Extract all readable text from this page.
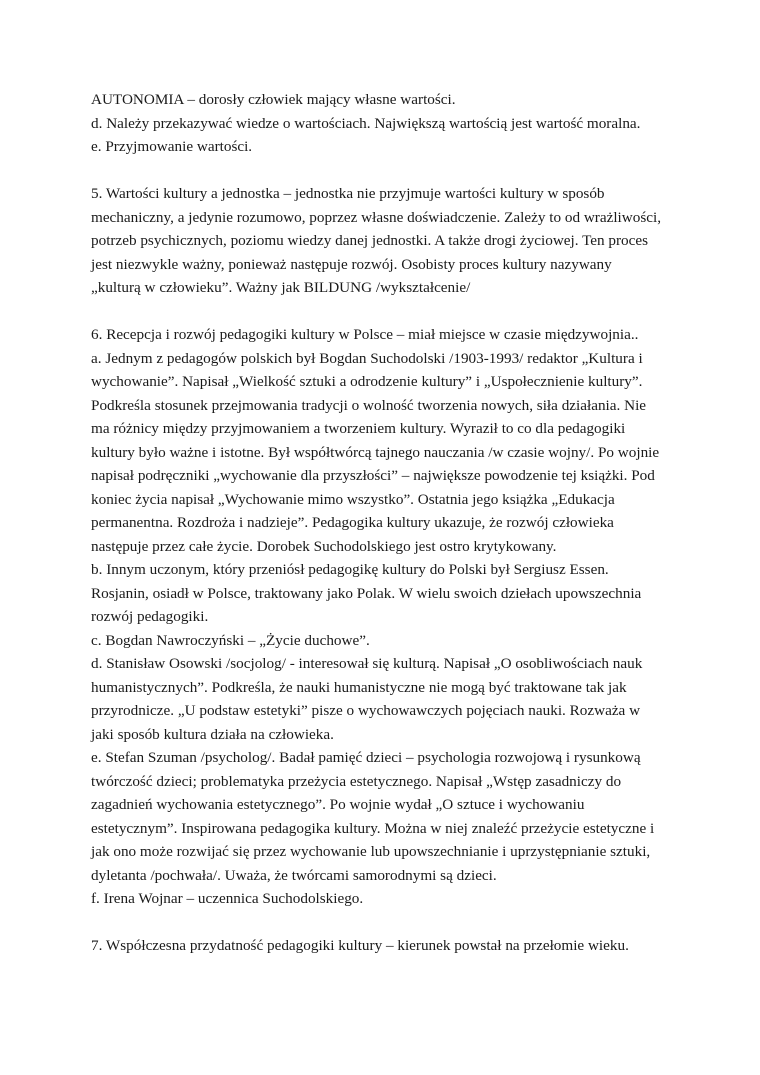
AUTONOMIA – dorosły człowiek mający własne wartości.
d. Należy przekazywać wiedze o wartościach. Największą wartością jest wartość moralna.
e. Przyjmowanie wartości.
5. Wartości kultury a jednostka – jednostka nie przyjmuje wartości kultury w sposób
mechaniczny, a jedynie rozumowo, poprzez własne doświadczenie. Zależy to od wrażliwości,
potrzeb psychicznych, poziomu wiedzy danej jednostki. A także drogi życiowej. Ten proces
jest niezwykle ważny, ponieważ następuje rozwój. Osobisty proces kultury nazywany
„kulturą w człowieku”. Ważny jak BILDUNG /wykształcenie/
6. Recepcja i rozwój pedagogiki kultury w Polsce – miał miejsce w czasie międzywojnia..
a. Jednym z pedagogów polskich był Bogdan Suchodolski /1903-1993/ redaktor „Kultura i
wychowanie”. Napisał „Wielkość sztuki a odrodzenie kultury” i „Uspołecznienie kultury”.
Podkreśla stosunek przejmowania tradycji o wolność tworzenia nowych, siła działania. Nie
ma różnicy między przyjmowaniem a tworzeniem kultury. Wyraził to co dla pedagogiki
kultury było ważne i istotne. Był współtwórcą tajnego nauczania /w czasie wojny/. Po wojnie
napisał podręczniki „wychowanie dla przyszłości” – największe powodzenie tej książki. Pod
koniec życia napisał „Wychowanie mimo wszystko”. Ostatnia jego książka „Edukacja
permanentna. Rozdroża i nadzieje”. Pedagogika kultury ukazuje, że rozwój człowieka
następuje przez całe życie. Dorobek Suchodolskiego jest ostro krytykowany.
b. Innym uczonym, który przeniósł pedagogikę kultury do Polski był Sergiusz Essen.
Rosjanin, osiadł w Polsce, traktowany jako Polak. W wielu swoich dziełach upowszechnia
rozwój pedagogiki.
c. Bogdan Nawroczyński – „Życie duchowe”.
d. Stanisław Osowski /socjolog/ - interesował się kulturą. Napisał „O osobliwościach nauk
humanistycznych”. Podkreśla, że nauki humanistyczne nie mogą być traktowane tak jak
przyrodnicze. „U podstaw estetyki” pisze o wychowawczych pojęciach nauki. Rozważa w
jaki sposób kultura działa na człowieka.
e. Stefan Szuman /psycholog/. Badał pamięć dzieci – psychologia rozwojową i rysunkową
twórczość dzieci; problematyka przeżycia estetycznego. Napisał „Wstęp zasadniczy do
zagadnień wychowania estetycznego”. Po wojnie wydał „O sztuce i wychowaniu
estetycznym”. Inspirowana pedagogika kultury. Można w niej znaleźć przeżycie estetyczne i
jak ono może rozwijać się przez wychowanie lub upowszechnianie i uprzystępnianie sztuki,
dyletanta /pochwała/. Uważa, że twórcami samorodnymi są dzieci.
f. Irena Wojnar – uczennica Suchodolskiego.
7. Współczesna przydatność pedagogiki kultury – kierunek powstał na przełomie wieku.
